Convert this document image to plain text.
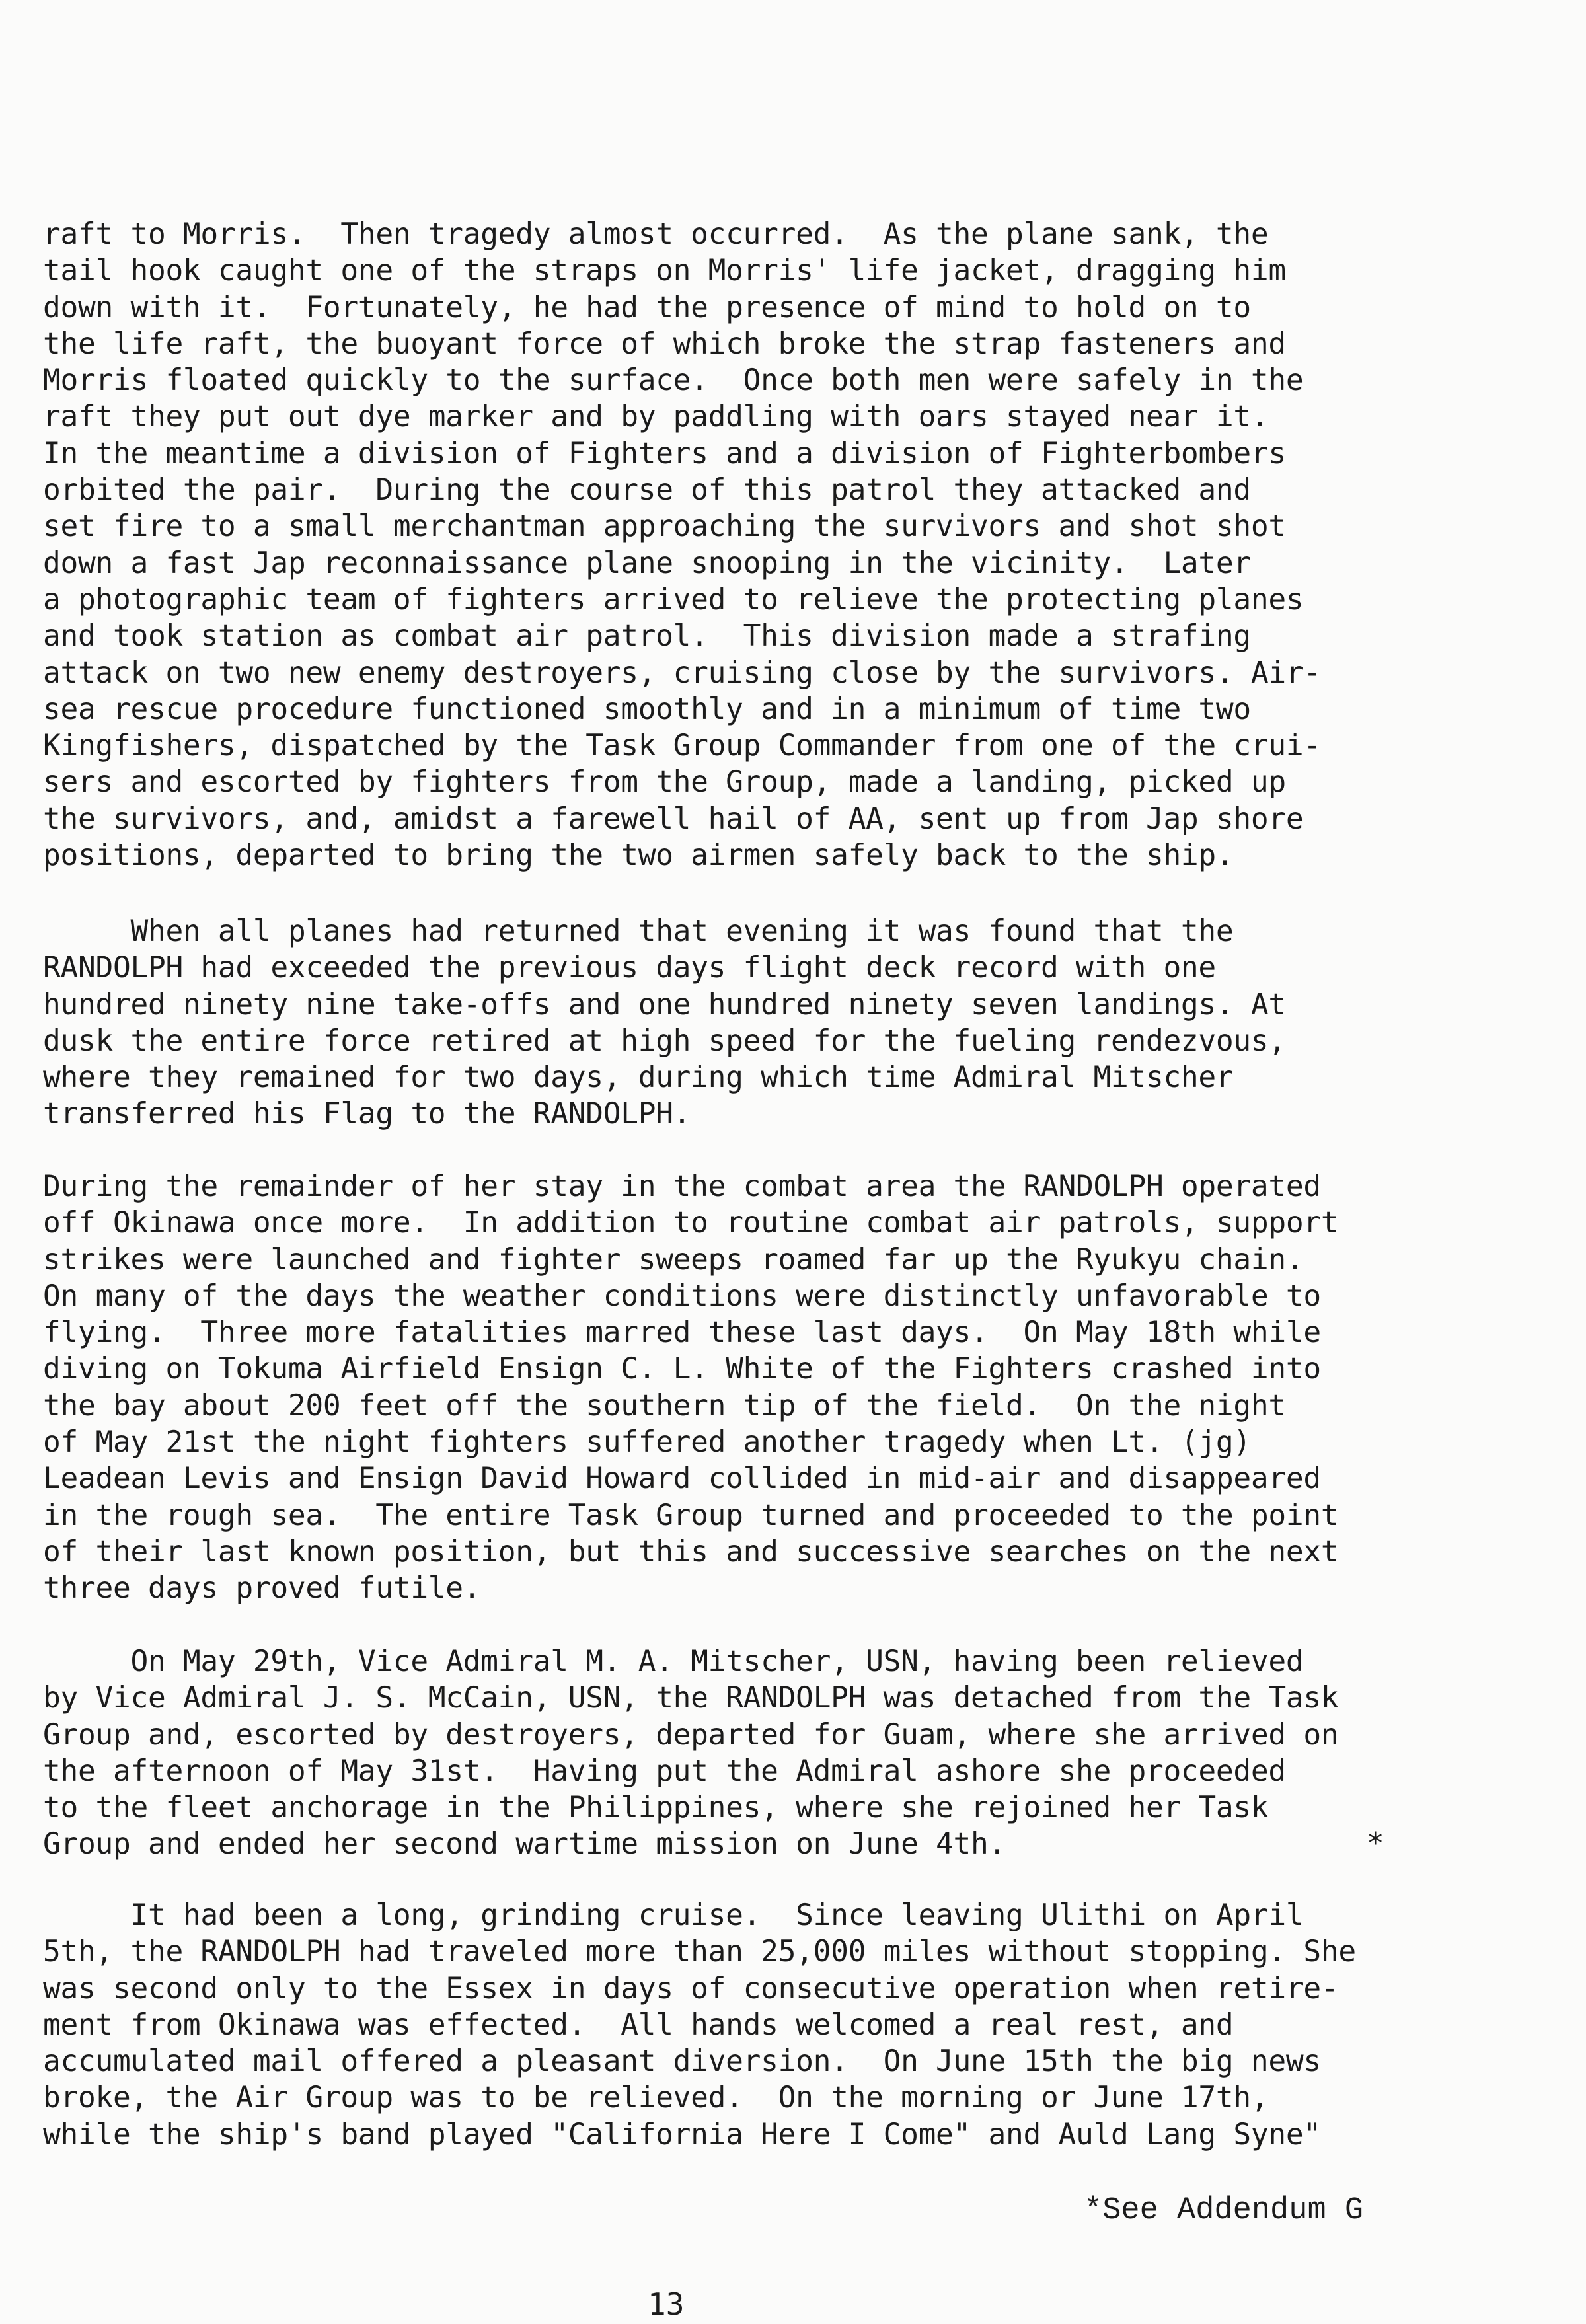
raft to Morris.  Then tragedy almost occurred.  As the plane sank, the
tail hook caught one of the straps on Morris' life jacket, dragging him
down with it.  Fortunately, he had the presence of mind to hold on to
the life raft, the buoyant force of which broke the strap fasteners and
Morris floated quickly to the surface.  Once both men were safely in the
raft they put out dye marker and by paddling with oars stayed near it.
In the meantime a division of Fighters and a division of Fighterbombers
orbited the pair.  During the course of this patrol they attacked and
set fire to a small merchantman approaching the survivors and shot shot
down a fast Jap reconnaissance plane snooping in the vicinity.  Later
a photographic team of fighters arrived to relieve the protecting planes
and took station as combat air patrol.  This division made a strafing
attack on two new enemy destroyers, cruising close by the survivors. Air-
sea rescue procedure functioned smoothly and in a minimum of time two
Kingfishers, dispatched by the Task Group Commander from one of the crui-
sers and escorted by fighters from the Group, made a landing, picked up
the survivors, and, amidst a farewell hail of AA, sent up from Jap shore
positions, departed to bring the two airmen safely back to the ship.
When all planes had returned that evening it was found that the
RANDOLPH had exceeded the previous days flight deck record with one
hundred ninety nine take-offs and one hundred ninety seven landings. At
dusk the entire force retired at high speed for the fueling rendezvous,
where they remained for two days, during which time Admiral Mitscher
transferred his Flag to the RANDOLPH.
During the remainder of her stay in the combat area the RANDOLPH operated
off Okinawa once more.  In addition to routine combat air patrols, support
strikes were launched and fighter sweeps roamed far up the Ryukyu chain.
On many of the days the weather conditions were distinctly unfavorable to
flying.  Three more fatalities marred these last days.  On May 18th while
diving on Tokuma Airfield Ensign C. L. White of the Fighters crashed into
the bay about 200 feet off the southern tip of the field.  On the night
of May 21st the night fighters suffered another tragedy when Lt. (jg)
Leadean Levis and Ensign David Howard collided in mid-air and disappeared
in the rough sea.  The entire Task Group turned and proceeded to the point
of their last known position, but this and successive searches on the next
three days proved futile.
On May 29th, Vice Admiral M. A. Mitscher, USN, having been relieved
by Vice Admiral J. S. McCain, USN, the RANDOLPH was detached from the Task
Group and, escorted by destroyers, departed for Guam, where she arrived on
the afternoon of May 31st.  Having put the Admiral ashore she proceeded
to the fleet anchorage in the Philippines, where she rejoined her Task
Group and ended her second wartime mission on June 4th.
It had been a long, grinding cruise.  Since leaving Ulithi on April
5th, the RANDOLPH had traveled more than 25,000 miles without stopping. She
was second only to the Essex in days of consecutive operation when retire-
ment from Okinawa was effected.  All hands welcomed a real rest, and
accumulated mail offered a pleasant diversion.  On June 15th the big news
broke, the Air Group was to be relieved.  On the morning or June 17th,
while the ship's band played "California Here I Come" and Auld Lang Syne"
*
*See Addendum G
13
